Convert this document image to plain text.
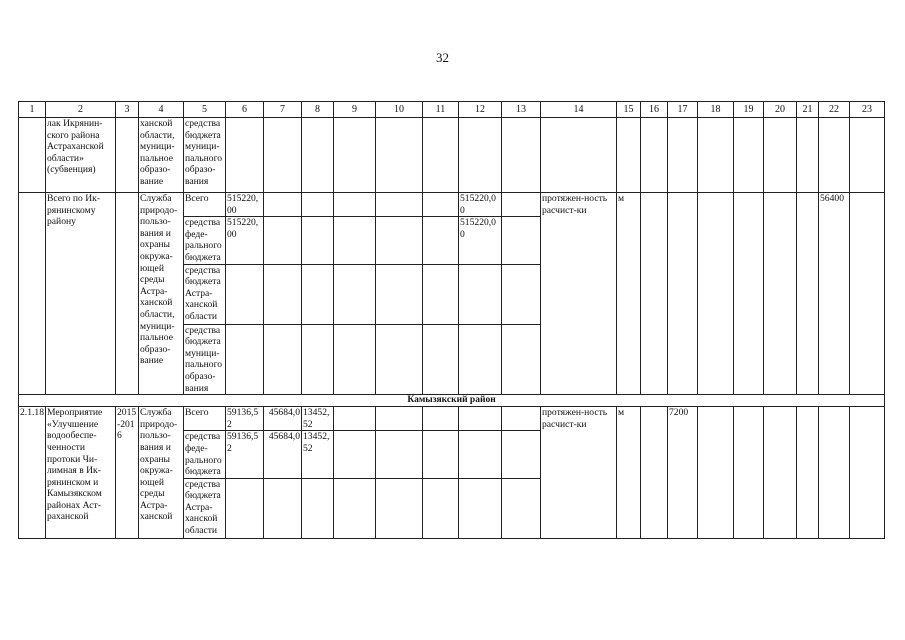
32
1	2	3	4	5	6	7	8	9	10	11	12	13	14	15	16	17	18	19	20	21	22	23
	лак Икрянин-ского района Астраханской области» (субвенция)		ханской области, муници-пальное образо-вание	средства бюджета муници-пального образо-вания																		
	Всего по Ик-рянинскому району		Служба природо-пользо-вания и охраны окружа-ющей среды Астра-ханской области, муници-пальное образо-вание	Всего	515220,00						515220,00		протяжен-ность расчист-ки	м							56400	
				средства феде-рального бюджета	515220,00						515220,00											
				средства бюджета Астра-ханской области																		
				средства бюджета муници-пального образо-вания																		
Камызякский район																						
2.1.18	Мероприятие «Улучшение водообеспе-ченности протоки Чи-лимная в Ик-рянинском и Камызякском районах Аст-раханской	2015-2016	Служба природо-пользо-вания и охраны окружа-ющей среды Астра-ханской	Всего	59136,52	45684,0	13452,52						протяжен-ность расчист-ки	м		7200						
				средства феде-рального бюджета	59136,52	45684,0	13452,52															
				средства бюджета Астра-ханской области																		
